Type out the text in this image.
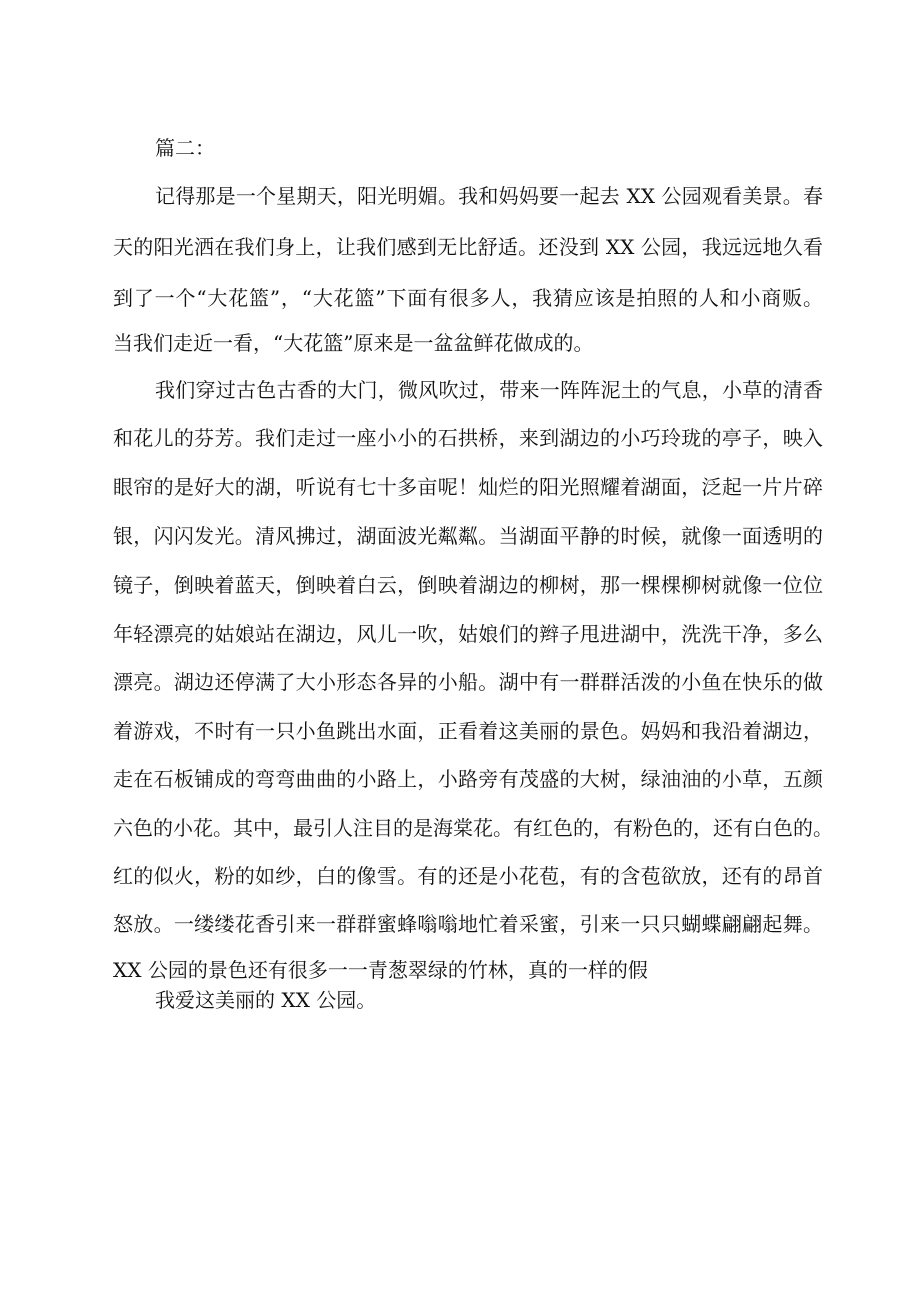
篇二：
记得那是一个星期天，阳光明媚。我和妈妈要一起去 XX 公园观看美景。春
天的阳光洒在我们身上，让我们感到无比舒适。还没到 XX 公园，我远远地久看
到了一个“大花篮”，“大花篮”下面有很多人，我猜应该是拍照的人和小商贩。
当我们走近一看，“大花篮”原来是一盆盆鲜花做成的。
我们穿过古色古香的大门，微风吹过，带来一阵阵泥土的气息，小草的清香
和花儿的芬芳。我们走过一座小小的石拱桥，来到湖边的小巧玲珑的亭子，映入
眼帘的是好大的湖，听说有七十多亩呢！灿烂的阳光照耀着湖面，泛起一片片碎
银，闪闪发光。清风拂过，湖面波光粼粼。当湖面平静的时候，就像一面透明的
镜子，倒映着蓝天，倒映着白云，倒映着湖边的柳树，那一棵棵柳树就像一位位
年轻漂亮的姑娘站在湖边，风儿一吹，姑娘们的辫子甩进湖中，洗洗干净，多么
漂亮。湖边还停满了大小形态各异的小船。湖中有一群群活泼的小鱼在快乐的做
着游戏，不时有一只小鱼跳出水面，正看着这美丽的景色。妈妈和我沿着湖边，
走在石板铺成的弯弯曲曲的小路上，小路旁有茂盛的大树，绿油油的小草，五颜
六色的小花。其中，最引人注目的是海棠花。有红色的，有粉色的，还有白色的。
红的似火，粉的如纱，白的像雪。有的还是小花苞，有的含苞欲放，还有的昂首
怒放。一缕缕花香引来一群群蜜蜂嗡嗡地忙着采蜜，引来一只只蝴蝶翩翩起舞。
XX 公园的景色还有很多一一青葱翠绿的竹林，真的一样的假
我爱这美丽的 XX 公园。
